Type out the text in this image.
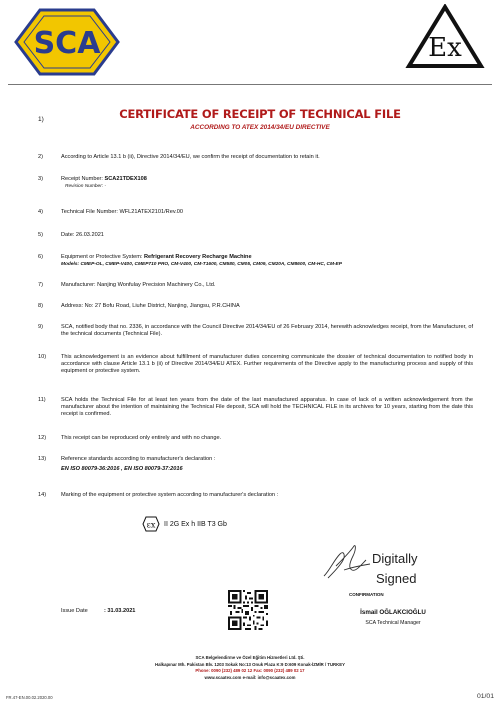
SCA	Ex
1)	CERTIFICATE OF RECEIPT OF TECHNICAL FILE
ACCORDING TO ATEX 2014/34/EU DIRECTIVE
2)	According to Article 13.1 b (ii), Directive 2014/34/EU, we confirm the receipt of documentation to retain it.
3)	Receipt Number: SCA21TDEX108
Revision Number: -
4)	Technical File Number: WFL21ATEX2101/Rev.00
5)	Date: 26.03.2021
6)	Equipment or Protective System: Refrigerant Recovery Recharge Machine
Models: CMEP-OL, CMEP-V400, CMEP710 PRO, CM-V400, CM-T1600, CM580, CM05, CM09, CM20A, CM8600, CM-HC, CM-EP
7)	Manufacturer: Nanjing Wonfulay Precision Machinery Co., Ltd.
8)	Address: No: 27 Bofu Road, Liuhe District, Nanjing, Jiangsu, P.R.CHINA
9)	SCA, notified body that no. 2336, in accordance with the Council Directive 2014/34/EU of 26 February 2014, herewith acknowledges receipt, from the Manufacturer, of the technical documents (Technical File).
10)	This acknowledgement is an evidence about fulfillment of manufacturer duties concerning communicate the dossier of technical documentation to notified body in accordance with clause Article 13.1 b (ii) of Directive 2014/34/EU ATEX. Further requirements of the Directive apply to the manufacturing process and supply of this equipment or protective system.
11)	SCA holds the Technical File for at least ten years from the date of the last manufactured apparatus. In case of lack of a written acknowledgement from the manufacturer about the intention of maintaining the Technical File deposit, SCA will hold the TECHNICAL FILE in its archives for 10 years, starting from the date this receipt is confirmed.
12)	This receipt can be reproduced only entirely and with no change.
13)	Reference standards according to manufacturer's declaration :
EN ISO 80079-36:2016 , EN ISO 80079-37:2016
14)	Marking of the equipment or protective system according to manufacturer's declaration :
εx II 2G Ex h IIB T3 Gb
Digitally
Signed
CONFIRMATION
Issue Date	: 31.03.2021	İsmail OĞLAKCIOĞLU
SCA Technical Manager
SCA Belgelendirme ve Özel Eğitim Hizmetleri Ltd. Şti.
Halkapınar Mh. Pakistan Blv. 1203 Sokak No:13 Onuk Plaza K:9 D:609 Konak-İZMİR / TURKEY
Phone: 0090 (232) 489 02 12 Fax: 0090 (232) 489 02 17
www.scaatex.com e-mail: info@scaatex.com
FR.47-EN.00.02.2020.00	01/01
